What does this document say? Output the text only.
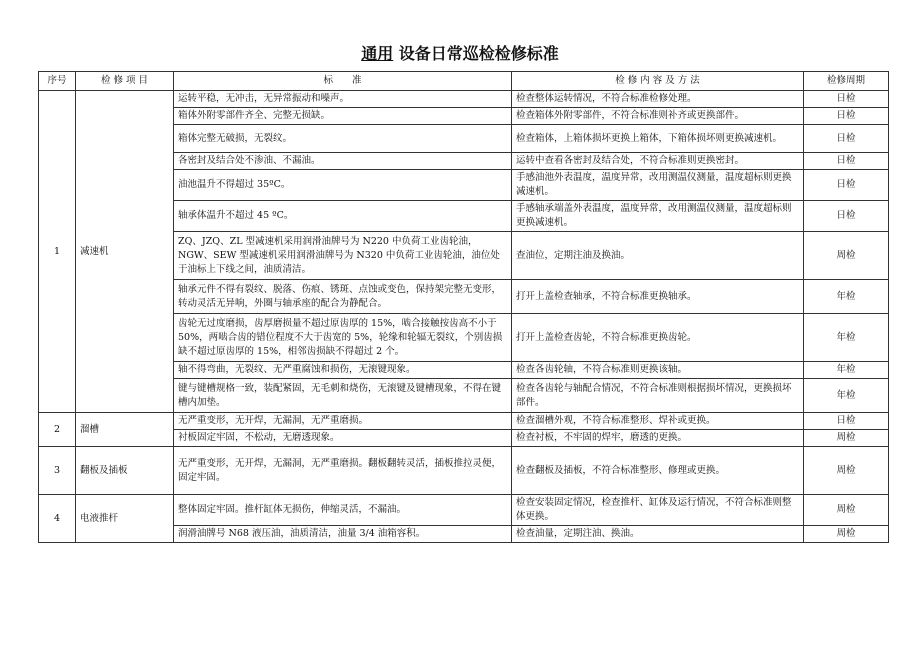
通用 设备日常巡检检修标准
序号	检 修 项 目	标　　准	检 修 内 容 及 方 法	检修周期
1	减速机	运转平稳，无冲击，无异常振动和噪声。	检查整体运转情况，不符合标准检修处理。	日检
		箱体外附零部件齐全、完整无损缺。	检查箱体外附零部件，不符合标准则补齐或更换部件。	日检
		箱体完整无破损，无裂纹。	检查箱体，上箱体损坏更换上箱体，下箱体损坏则更换减速机。	日检
		各密封及结合处不渗油、不漏油。	运转中查看各密封及结合处，不符合标准则更换密封。	日检
		油池温升不得超过 35ºC。	手感油池外表温度，温度异常，改用测温仪测量，温度超标则更换减速机。	日检
		轴承体温升不超过 45 ºC。	手感轴承端盖外表温度，温度异常，改用测温仪测量，温度超标则更换减速机。	日检
		ZQ、JZQ、ZL 型减速机采用润滑油牌号为 N220 中负荷工业齿轮油，NGW、SEW 型减速机采用润滑油牌号为 N320 中负荷工业齿轮油，油位处于油标上下线之间，油质清洁。	查油位，定期注油及换油。	周检
		轴承元件不得有裂纹、脱落、伤痕、锈斑、点蚀或变色，保持架完整无变形，转动灵活无异响，外圈与轴承座的配合为静配合。	打开上盖检查轴承，不符合标准更换轴承。	年检
		齿轮无过度磨损，齿厚磨损量不超过原齿厚的 15%，啮合接触按齿高不小于 50%，两啮合齿的错位程度不大于齿宽的 5%，轮缘和轮辐无裂纹，个别齿损缺不超过原齿厚的 15%，相邻齿损缺不得超过 2 个。	打开上盖检查齿轮，不符合标准更换齿轮。	年检
		轴不得弯曲，无裂纹、无严重腐蚀和损伤，无滚键现象。	检查各齿轮轴，不符合标准则更换该轴。	年检
		键与键槽规格一致，装配紧固，无毛刺和烧伤，无滚键及键槽现象，不得在键槽内加垫。	检查各齿轮与轴配合情况，不符合标准则根据损坏情况，更换损坏部件。	年检
2	溜槽	无严重变形，无开焊，无漏洞，无严重磨损。	检查溜槽外观，不符合标准整形、焊补或更换。	日检
		衬板固定牢固，不松动，无磨透现象。	检查衬板，不牢固的焊牢，磨透的更换。	周检
3	翻板及插板	无严重变形，无开焊，无漏洞，无严重磨损。翻板翻转灵活，插板推拉灵便，固定牢固。	检查翻板及插板，不符合标准整形、修理或更换。	周检
4	电液推杆	整体固定牢固。推杆缸体无损伤，伸缩灵活，不漏油。	检查安装固定情况，检查推杆、缸体及运行情况，不符合标准则整体更换。	周检
		润滑油牌号 N68 液压油，油质清洁，油量 3/4 油箱容积。	检查油量，定期注油、换油。	周检
